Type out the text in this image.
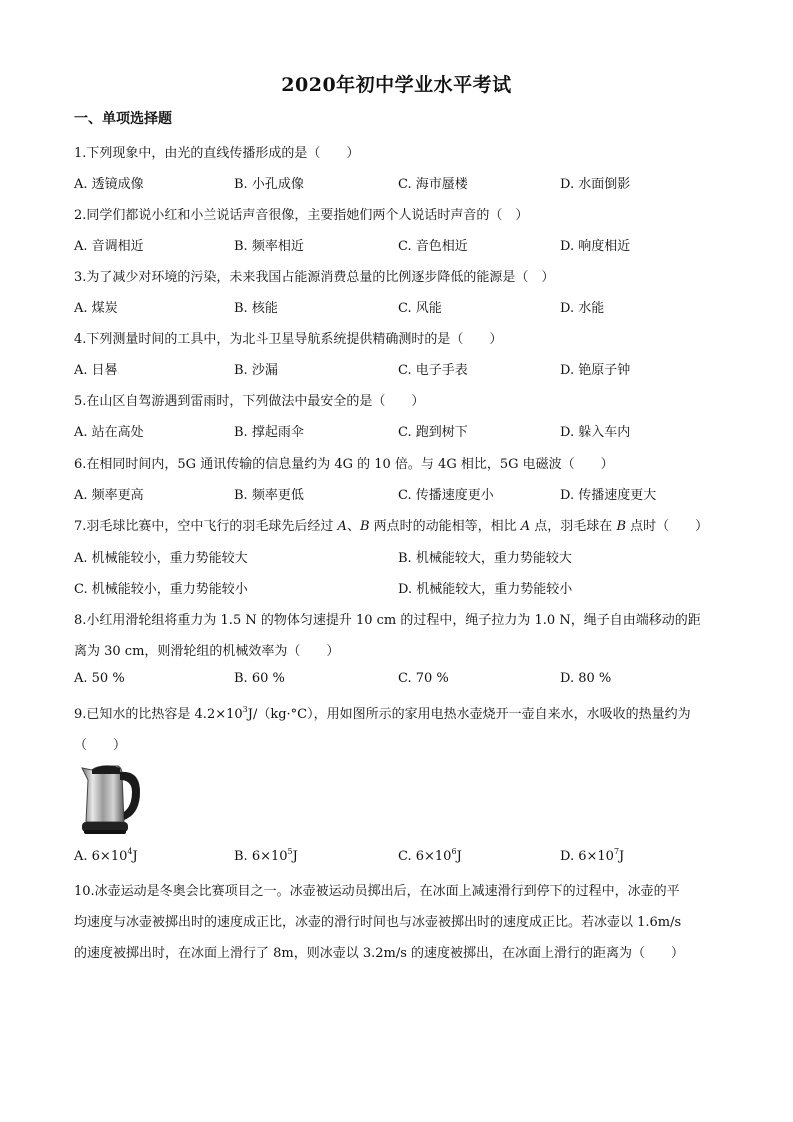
2020年初中学业水平考试
一、单项选择题
1.下列现象中，由光的直线传播形成的是（　　）
A. 透镜成像	B. 小孔成像	C. 海市蜃楼	D. 水面倒影
2.同学们都说小红和小兰说话声音很像，主要指她们两个人说话时声音的（　）
A. 音调相近	B. 频率相近	C. 音色相近	D. 响度相近
3.为了减少对环境的污染，未来我国占能源消费总量的比例逐步降低的能源是（　）
A. 煤炭	B. 核能	C. 风能	D. 水能
4.下列测量时间的工具中，为北斗卫星导航系统提供精确测时的是（　　）
A. 日晷	B. 沙漏	C. 电子手表	D. 铯原子钟
5.在山区自驾游遇到雷雨时，下列做法中最安全的是（　　）
A. 站在高处	B. 撑起雨伞	C. 跑到树下	D. 躲入车内
6.在相同时间内，5G 通讯传输的信息量约为 4G 的 10 倍。与 4G 相比，5G 电磁波（　　）
A. 频率更高	B. 频率更低	C. 传播速度更小	D. 传播速度更大
7.羽毛球比赛中，空中飞行的羽毛球先后经过 A、B 两点时的动能相等，相比 A 点，羽毛球在 B 点时（　　）
A. 机械能较小，重力势能较大	B. 机械能较大，重力势能较大
C. 机械能较小，重力势能较小	D. 机械能较大，重力势能较小
8.小红用滑轮组将重力为 1.5 N 的物体匀速提升 10 cm 的过程中，绳子拉力为 1.0 N，绳子自由端移动的距
离为 30 cm，则滑轮组的机械效率为（　　）
A. 50 %	B. 60 %	C. 70 %	D. 80 %
9.已知水的比热容是 $4.2\times 10^3J/(kg\cdot^\circ C)$，用如图所示的家用电热水壶烧开一壶自来水，水吸收的热量约为
（　　）
A. $6\times 10^4J$	B. $6\times 10^5J$	C. $6\times 10^6J$	D. $6\times 10^7J$
10.冰壶运动是冬奥会比赛项目之一。冰壶被运动员掷出后，在冰面上减速滑行到停下的过程中，冰壶的平
均速度与冰壶被掷出时的速度成正比，冰壶的滑行时间也与冰壶被掷出时的速度成正比。若冰壶以 1.6m/s
的速度被掷出时，在冰面上滑行了 8m，则冰壶以 3.2m/s 的速度被掷出，在冰面上滑行的距离为（　　）
